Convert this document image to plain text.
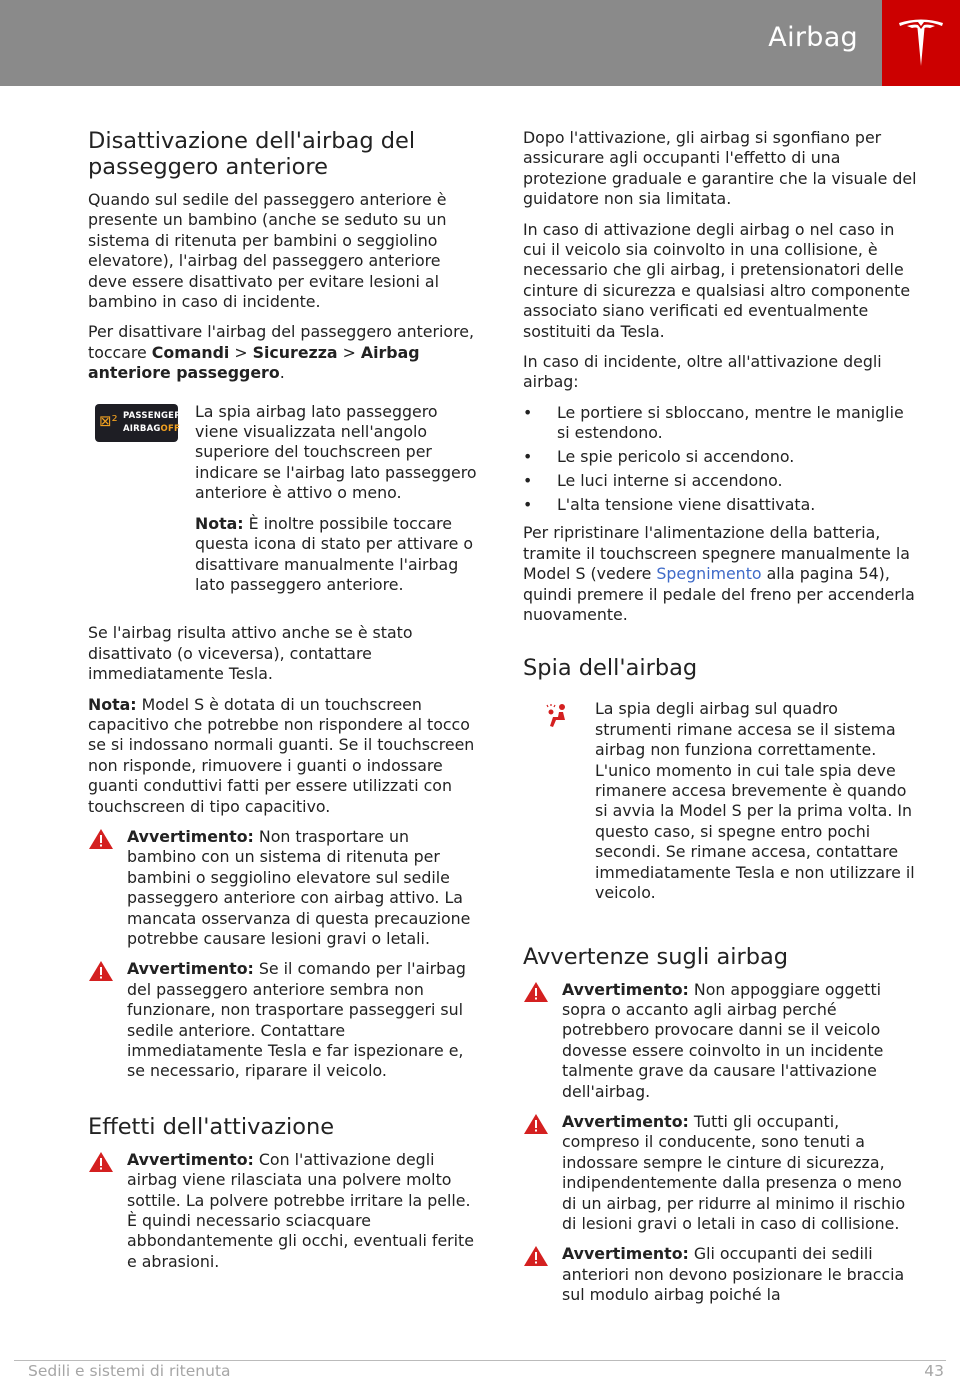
Airbag
Disattivazione dell'airbag del passeggero anteriore

Quando sul sedile del passeggero anteriore è presente un bambino (anche se seduto su un sistema di ritenuta per bambini o seggiolino elevatore), l'airbag del passeggero anteriore deve essere disattivato per evitare lesioni al bambino in caso di incidente.

Per disattivare l'airbag del passeggero anteriore, toccare Comandi > Sicurezza > Airbag anteriore passeggero.

⊠² PASSENGER
AIRBAGOFF

La spia airbag lato passeggero viene visualizzata nell'angolo superiore del touchscreen per indicare se l'airbag lato passeggero anteriore è attivo o meno.

Nota: È inoltre possibile toccare questa icona di stato per attivare o disattivare manualmente l'airbag lato passeggero anteriore.

Se l'airbag risulta attivo anche se è stato disattivato (o viceversa), contattare immediatamente Tesla.

Nota: Model S è dotata di un touchscreen capacitivo che potrebbe non rispondere al tocco se si indossano normali guanti. Se il touchscreen non risponde, rimuovere i guanti o indossare guanti conduttivi fatti per essere utilizzati con touchscreen di tipo capacitivo.

Avvertimento: Non trasportare un bambino con un sistema di ritenuta per bambini o seggiolino elevatore sul sedile passeggero anteriore con airbag attivo. La mancata osservanza di questa precauzione potrebbe causare lesioni gravi o letali.
Avvertimento: Se il comando per l'airbag del passeggero anteriore sembra non funzionare, non trasportare passeggeri sul sedile anteriore. Contattare immediatamente Tesla e far ispezionare e, se necessario, riparare il veicolo.
Effetti dell'attivazione
Avvertimento: Con l'attivazione degli airbag viene rilasciata una polvere molto sottile. La polvere potrebbe irritare la pelle. È quindi necessario sciacquare abbondantemente gli occhi, eventuali ferite e abrasioni.

Dopo l'attivazione, gli airbag si sgonfiano per assicurare agli occupanti l'effetto di una protezione graduale e garantire che la visuale del guidatore non sia limitata.

In caso di attivazione degli airbag o nel caso in cui il veicolo sia coinvolto in una collisione, è necessario che gli airbag, i pretensionatori delle cinture di sicurezza e qualsiasi altro componente associato siano verificati ed eventualmente sostituiti da Tesla.

In caso di incidente, oltre all'attivazione degli airbag:

• Le portiere si sbloccano, mentre le maniglie si estendono.
• Le spie pericolo si accendono.
• Le luci interne si accendono.
• L'alta tensione viene disattivata.

Per ripristinare l'alimentazione della batteria, tramite il touchscreen spegnere manualmente la Model S (vedere Spegnimento alla pagina 54), quindi premere il pedale del freno per accenderla nuovamente.

Spia dell'airbag

La spia degli airbag sul quadro strumenti rimane accesa se il sistema airbag non funziona correttamente. L'unico momento in cui tale spia deve rimanere accesa brevemente è quando si avvia la Model S per la prima volta. In questo caso, si spegne entro pochi secondi. Se rimane accesa, contattare immediatamente Tesla e non utilizzare il veicolo.

Avvertenze sugli airbag
Avvertimento: Non appoggiare oggetti sopra o accanto agli airbag perché potrebbero provocare danni se il veicolo dovesse essere coinvolto in un incidente talmente grave da causare l'attivazione dell'airbag.
Avvertimento: Tutti gli occupanti, compreso il conducente, sono tenuti a indossare sempre le cinture di sicurezza, indipendentemente dalla presenza o meno di un airbag, per ridurre al minimo il rischio di lesioni gravi o letali in caso di collisione.
Avvertimento: Gli occupanti dei sedili anteriori non devono posizionare le braccia sul modulo airbag poiché la
Sedili e sistemi di ritenuta	43
